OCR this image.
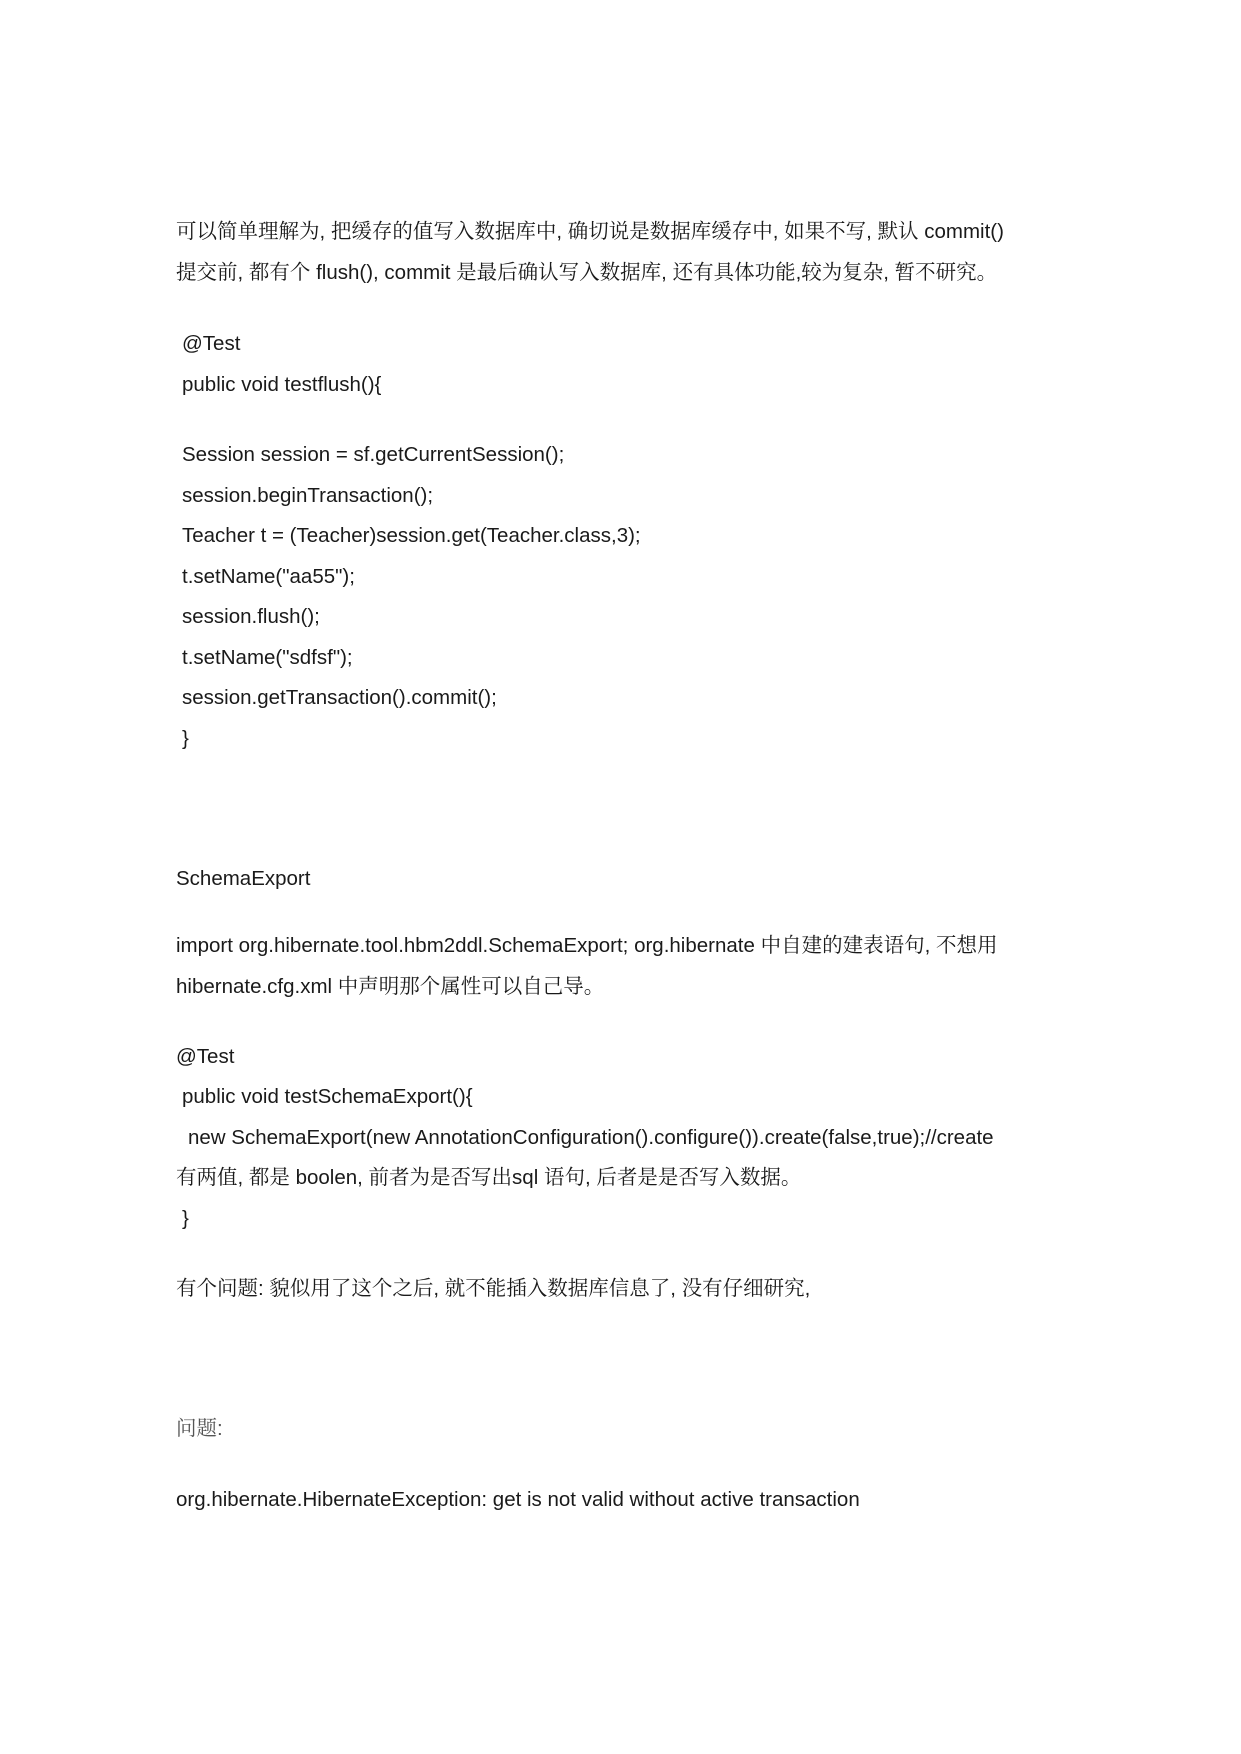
可以简单理解为, 把缓存的值写入数据库中, 确切说是数据库缓存中, 如果不写, 默认 commit()
提交前, 都有个 flush(), commit 是最后确认写入数据库, 还有具体功能,较为复杂, 暂不研究。
@Test
public void testflush(){
Session session = sf.getCurrentSession();
session.beginTransaction();
Teacher t = (Teacher)session.get(Teacher.class,3);
t.setName("aa55");
session.flush();
t.setName("sdfsf");
session.getTransaction().commit();
}
SchemaExport
import org.hibernate.tool.hbm2ddl.SchemaExport; org.hibernate 中自建的建表语句, 不想用
hibernate.cfg.xml 中声明那个属性可以自己导。
@Test
public void testSchemaExport(){
new SchemaExport(new AnnotationConfiguration().configure()).create(false,true);//create
有两值, 都是 boolen, 前者为是否写出sql 语句, 后者是是否写入数据。
}
有个问题: 貌似用了这个之后, 就不能插入数据库信息了, 没有仔细研究,
问题:
org.hibernate.HibernateException: get is not valid without active transaction
